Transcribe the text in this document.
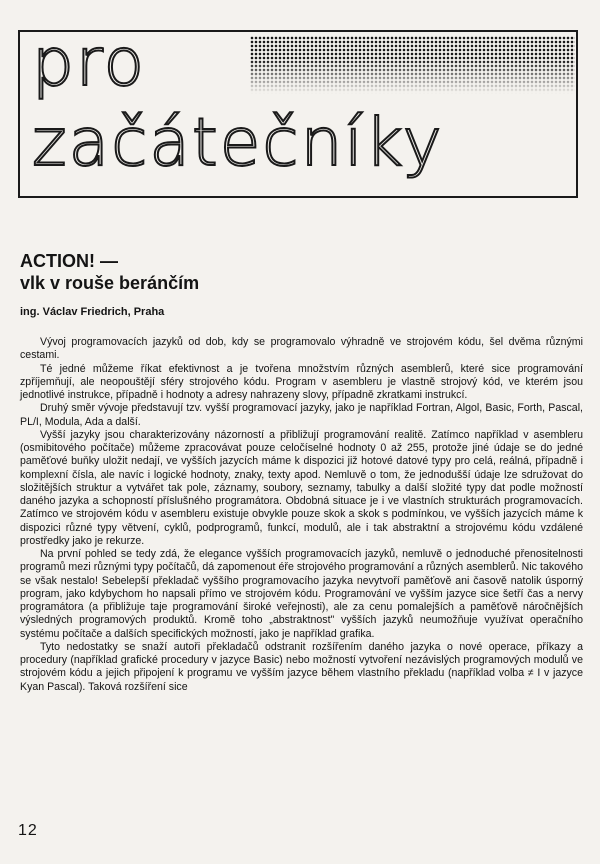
pro
začátečníky
ACTION! —
vlk v rouše beránčím
ing. Václav Friedrich, Praha

Vývoj programovacích jazyků od dob, kdy se programovalo výhradně ve strojovém kódu, šel dvěma různými cestami.

Té jedné můžeme říkat efektivnost a je tvořena množstvím různých asemblerů, které sice programování zpříjemňují, ale neopouštějí sféry strojového kódu. Program v asembleru je vlastně strojový kód, ve kterém jsou jednotlivé instrukce, případně i hodnoty a adresy nahrazeny slovy, případně zkratkami instrukcí.

Druhý směr vývoje představují tzv. vyšší programovací jazyky, jako je například Fortran, Algol, Basic, Forth, Pascal, PL/I, Modula, Ada a další.

Vyšší jazyky jsou charakterizovány názorností a přibližují programování realitě. Zatímco například v asembleru (osmibitového počítače) můžeme zpracovávat pouze celočíselné hodnoty 0 až 255, protože jiné údaje se do jedné paměťové buňky uložit nedají, ve vyšších jazycích máme k dispozici již hotové datové typy pro celá, reálná, případně i komplexní čísla, ale navíc i logické hodnoty, znaky, texty apod. Nemluvě o tom, že jednodušší údaje lze sdružovat do složitějších struktur a vytvářet tak pole, záznamy, soubory, seznamy, tabulky a další složité typy dat podle možností daného jazyka a schopností příslušného programátora. Obdobná situace je i ve vlastních strukturách programovacích. Zatímco ve strojovém kódu v asembleru existuje obvykle pouze skok a skok s podmínkou, ve vyšších jazycích máme k dispozici různé typy větvení, cyklů, podprogramů, funkcí, modulů, ale i tak abstraktní a strojovému kódu vzdálené prostředky jako je rekurze.

Na první pohled se tedy zdá, že elegance vyšších programovacích jazyků, nemluvě o jednoduché přenositelnosti programů mezi různými typy počítačů, dá zapomenout éře strojového programování a různých asemblerů. Nic takového se však nestalo! Sebelepší překladač vyššího programovacího jazyka nevytvoří paměťově ani časově natolik úsporný program, jako kdybychom ho napsali přímo ve strojovém kódu. Programování ve vyšším jazyce sice šetří čas a nervy programátora (a přibližuje taje programování široké veřejnosti), ale za cenu pomalejších a paměťově náročnějších výsledných programových produktů. Kromě toho „abstraktnost" vyšších jazyků neumožňuje využívat operačního systému počítače a dalších specifických možností, jako je například grafika.

Tyto nedostatky se snaží autoři překladačů odstranit rozšířením daného jazyka o nové operace, příkazy a procedury (například grafické procedury v jazyce Basic) nebo možností vytvoření nezávislých programových modulů ve strojovém kódu a jejich připojení k programu ve vyšším jazyce během vlastního překladu (například volba ≠ I v jazyce Kyan Pascal). Taková rozšíření sice

12
